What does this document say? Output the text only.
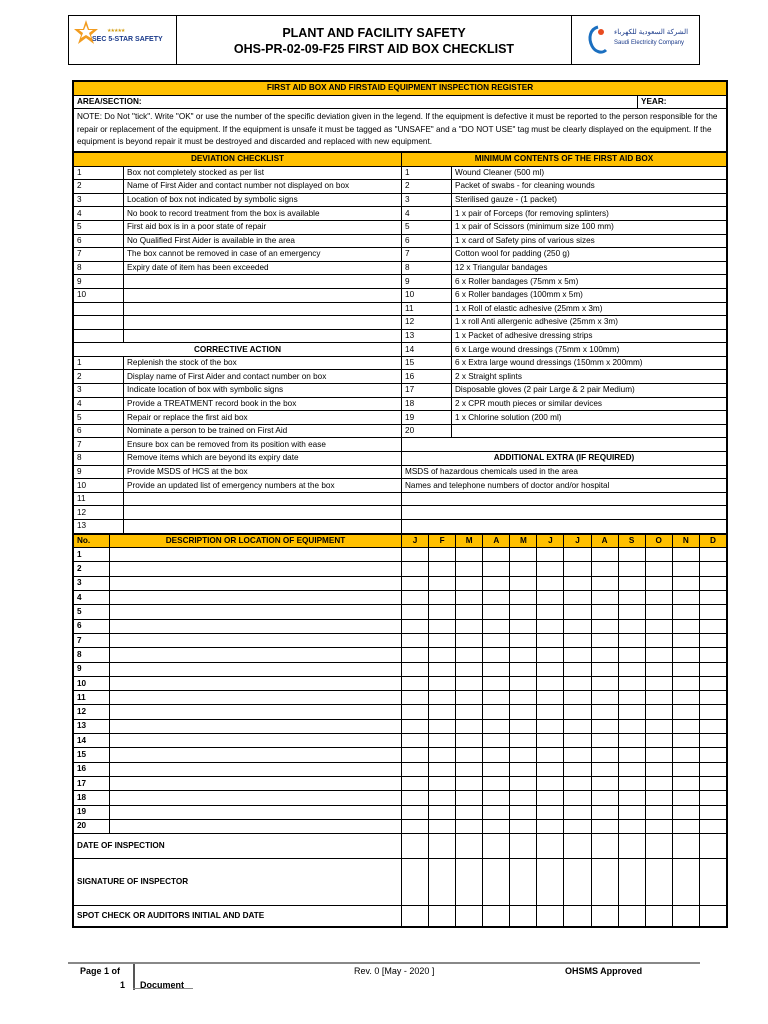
★★★★★
SEC 5-STAR SAFETY	PLANT AND FACILITY SAFETY
OHS-PR-02-09-F25 FIRST AID BOX CHECKLIST
الشركة السعودية للكهرباء
Saudi Electricity Company
FIRST AID BOX AND FIRSTAID EQUIPMENT INSPECTION REGISTER
AREA/SECTION:	YEAR:
NOTE: Do Not "tick". Write "OK" or use the number of the specific deviation given in the legend. If the equipment is defective it must be reported to the person responsible for the repair or replacement of the equipment. If the equipment is unsafe it must be tagged as "UNSAFE" and a "DO NOT USE" tag must be clearly displayed on the equipment. If the equipment is beyond repair it must be destroyed and discarded and replaced with new equipment.
DEVIATION CHECKLIST		MINIMUM CONTENTS OF THE FIRST AID BOX	
1	Box not completely stocked as per list	1	Wound Cleaner (500 ml)
2	Name of First Aider and contact number not displayed on box	2	Packet of swabs - for cleaning wounds
3	Location of box not indicated by symbolic signs	3	Sterilised gauze - (1 packet)
4	No book to record treatment from the box is available	4	1 x pair of Forceps (for removing splinters)
5	First aid box is in a poor state of repair	5	1 x pair of Scissors (minimum size 100 mm)
6	No Qualified First Aider is available in the area	6	1 x card of Safety pins of various sizes
7	The box cannot be removed in case of an emergency	7	Cotton wool for padding (250 g)
8	Expiry date of item has been exceeded	8	12 x Triangular bandages
9		9	6 x Roller bandages (75mm x 5m)
10		10	6 x Roller bandages (100mm x 5m)
		11	1 x Roll of elastic adhesive (25mm x 3m)
		12	1 x roll Anti allergenic adhesive (25mm x 3m)
		13	1 x Packet of adhesive dressing strips
CORRECTIVE ACTION		14	6 x Large wound dressings (75mm x 100mm)
1	Replenish the stock of the box	15	6 x Extra large wound dressings (150mm x 200mm)
2	Display name of First Aider and contact number on box	16	2 x Straight splints
3	Indicate location of box with symbolic signs	17	Disposable gloves (2 pair Large & 2 pair Medium)
4	Provide a TREATMENT record book in the box	18	2 x CPR mouth pieces or similar devices
5	Repair or replace the first aid box	19	1 x Chlorine solution (200 ml)
6	Nominate a person to be trained on First Aid	20	
7	Ensure box can be removed from its position with ease		
8	Remove items which are beyond its expiry date	ADDITIONAL EXTRA (IF REQUIRED)	
9	Provide MSDS of HCS at the box	MSDS of hazardous chemicals used in the area	
10	Provide an updated list of emergency numbers at the box	Names and telephone numbers of doctor and/or hospital	
11			
12			
13			
No.	DESCRIPTION OR LOCATION OF EQUIPMENT	J	F	M	A	M	J	J	A	S	O	N	D
1													
2													
3													
4													
5													
6													
7													
8													
9													
10													
11													
12													
13													
14													
15													
16													
17													
18													
19													
20													
DATE OF INSPECTION													
SIGNATURE OF INSPECTOR													
SPOT CHECK OR AUDITORS INITIAL AND DATE													
Page 1 of
1 Document
Rev. 0 [May - 2020 ]	OHSMS Approved
